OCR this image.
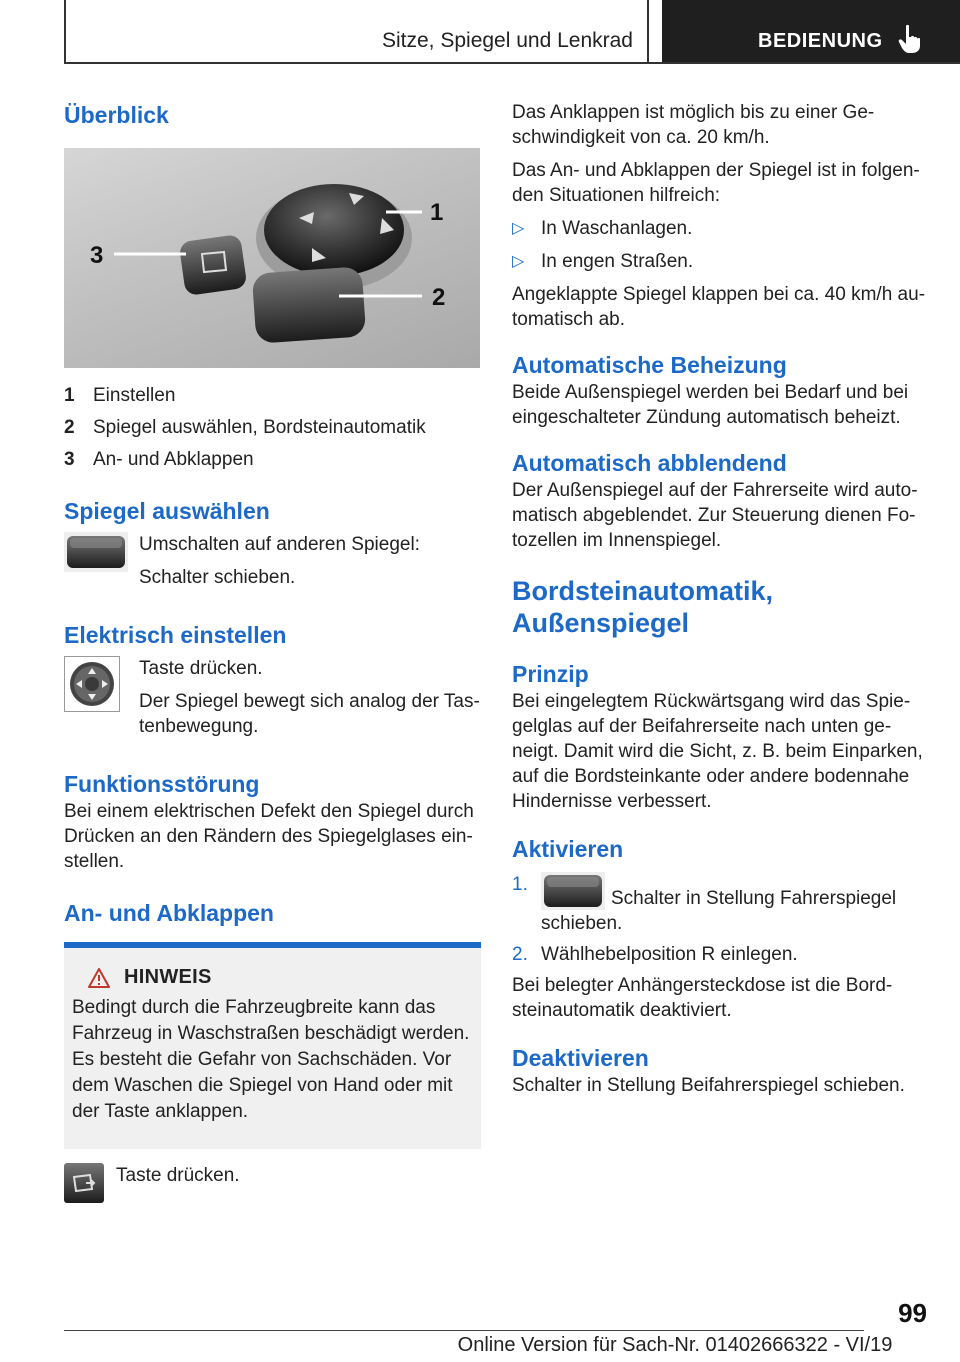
Sitze, Spiegel und Lenkrad	BEDIENUNG
Überblick
1
2
3
1 Einstellen
2 Spiegel auswählen, Bordsteinautomatik
3 An- und Abklappen
Spiegel auswählen

Umschalten auf anderen Spiegel:

Schalter schieben.

Elektrisch einstellen

Taste drücken.

Der Spiegel bewegt sich analog der Tastenbewegung.

Funktionsstörung

Bei einem elektrischen Defekt den Spiegel durch Drücken an den Rändern des Spiegelglases einstellen.

An- und Abklappen
HINWEIS

Bedingt durch die Fahrzeugbreite kann das Fahrzeug in Waschstraßen beschädigt werden. Es besteht die Gefahr von Sachschäden. Vor dem Waschen die Spiegel von Hand oder mit der Taste anklappen.

Taste drücken.

Das Anklappen ist möglich bis zu einer Geschwindigkeit von ca. 20 km/h.

Das An- und Abklappen der Spiegel ist in folgenden Situationen hilfreich:

▷ In Waschanlagen.
▷ In engen Straßen.

Angeklappte Spiegel klappen bei ca. 40 km/h automatisch ab.

Automatische Beheizung

Beide Außenspiegel werden bei Bedarf und bei eingeschalteter Zündung automatisch beheizt.

Automatisch abblendend

Der Außenspiegel auf der Fahrerseite wird automatisch abgeblendet. Zur Steuerung dienen Fotozellen im Innenspiegel.

Bordsteinautomatik,
Außenspiegel
Prinzip

Bei eingelegtem Rückwärtsgang wird das Spiegelglas auf der Beifahrerseite nach unten geneigt. Damit wird die Sicht, z. B. beim Einparken, auf die Bordsteinkante oder andere bodennahe Hindernisse verbessert.

Aktivieren
1.
Schalter in Stellung Fahrerspiegel schieben.
2. Wählhebelposition R einlegen.

Bei belegter Anhängersteckdose ist die Bordsteinautomatik deaktiviert.

Deaktivieren

Schalter in Stellung Beifahrerspiegel schieben.

99
Online Version für Sach-Nr. 01402666322 - VI/19
